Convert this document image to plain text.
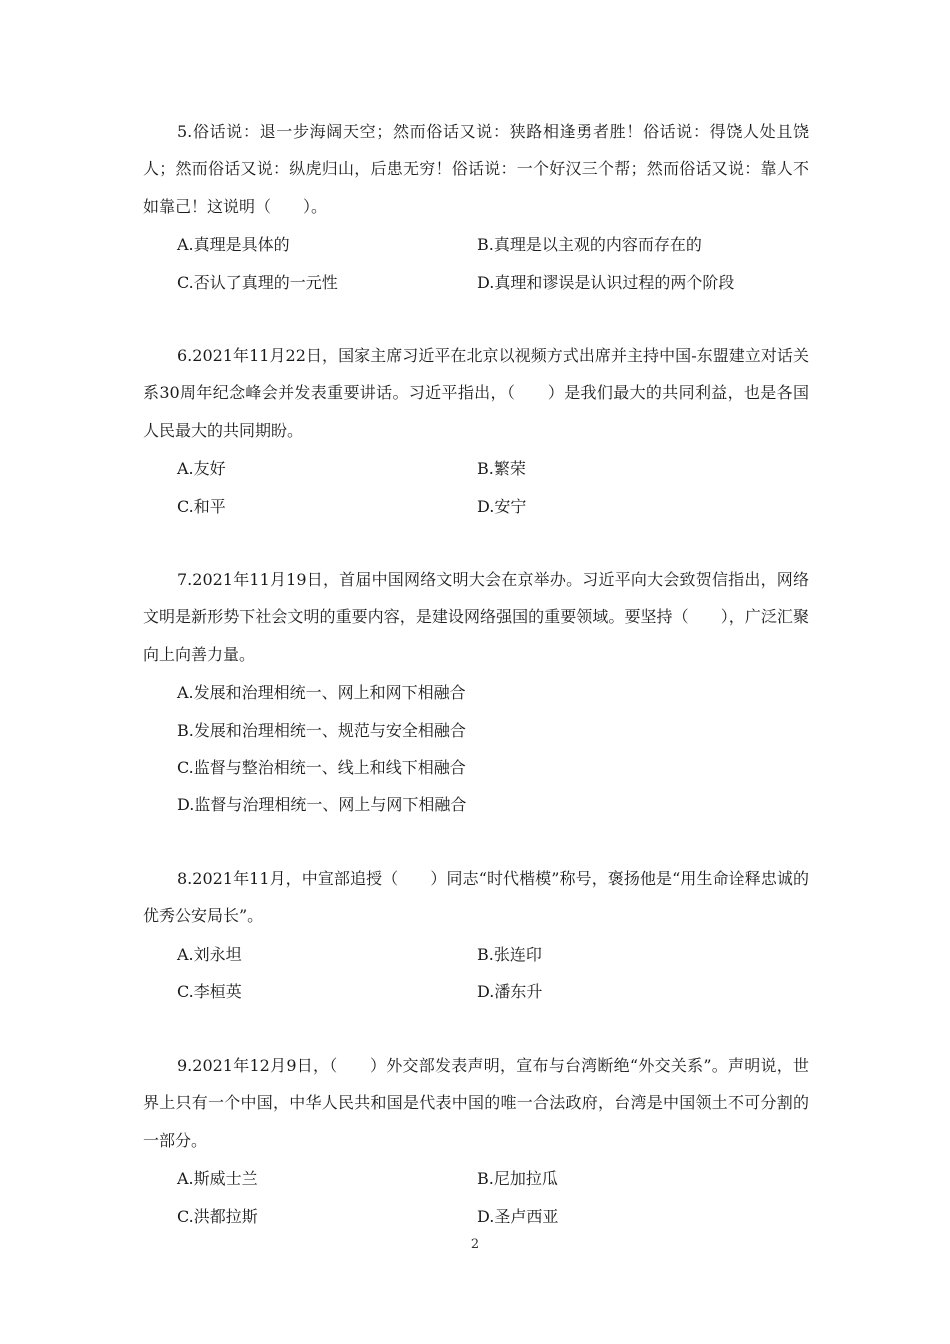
5.俗话说：退一步海阔天空；然而俗话又说：狭路相逢勇者胜！俗话说：得饶人处且饶人；然而俗话又说：纵虎归山，后患无穷！俗话说：一个好汉三个帮；然而俗话又说：靠人不如靠己！这说明（　　）。

A.真理是具体的	B.真理是以主观的内容而存在的
C.否认了真理的一元性	D.真理和谬误是认识过程的两个阶段

6.2021年11月22日，国家主席习近平在北京以视频方式出席并主持中国-东盟建立对话关系30周年纪念峰会并发表重要讲话。习近平指出，（　　）是我们最大的共同利益，也是各国人民最大的共同期盼。

A.友好	B.繁荣
C.和平	D.安宁

7.2021年11月19日，首届中国网络文明大会在京举办。习近平向大会致贺信指出，网络文明是新形势下社会文明的重要内容，是建设网络强国的重要领域。要坚持（　　），广泛汇聚向上向善力量。

A.发展和治理相统一、网上和网下相融合
B.发展和治理相统一、规范与安全相融合
C.监督与整治相统一、线上和线下相融合
D.监督与治理相统一、网上与网下相融合

8.2021年11月，中宣部追授（　　）同志“时代楷模”称号，褒扬他是“用生命诠释忠诚的优秀公安局长”。

A.刘永坦	B.张连印
C.李桓英	D.潘东升

9.2021年12月9日，（　　）外交部发表声明，宣布与台湾断绝“外交关系”。声明说，世界上只有一个中国，中华人民共和国是代表中国的唯一合法政府，台湾是中国领土不可分割的一部分。

A.斯威士兰	B.尼加拉瓜
C.洪都拉斯	D.圣卢西亚
2
